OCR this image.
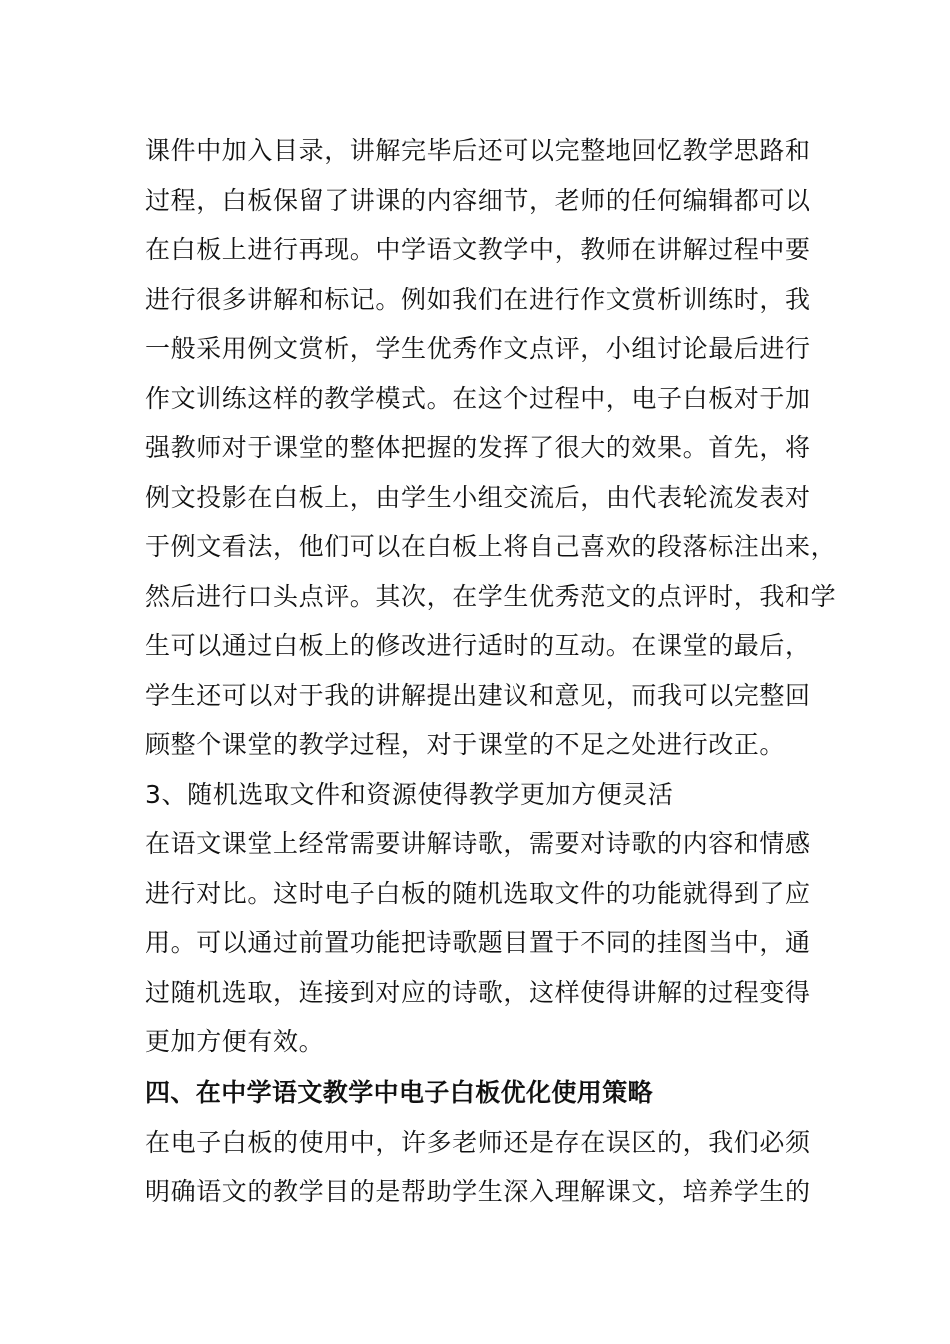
课件中加入目录，讲解完毕后还可以完整地回忆教学思路和
过程，白板保留了讲课的内容细节，老师的任何编辑都可以
在白板上进行再现。中学语文教学中，教师在讲解过程中要
进行很多讲解和标记。例如我们在进行作文赏析训练时，我
一般采用例文赏析，学生优秀作文点评，小组讨论最后进行
作文训练这样的教学模式。在这个过程中，电子白板对于加
强教师对于课堂的整体把握的发挥了很大的效果。首先，将
例文投影在白板上，由学生小组交流后，由代表轮流发表对
于例文看法，他们可以在白板上将自己喜欢的段落标注出来，
然后进行口头点评。其次，在学生优秀范文的点评时，我和学
生可以通过白板上的修改进行适时的互动。在课堂的最后，
学生还可以对于我的讲解提出建议和意见，而我可以完整回
顾整个课堂的教学过程，对于课堂的不足之处进行改正。
3、随机选取文件和资源使得教学更加方便灵活
在语文课堂上经常需要讲解诗歌，需要对诗歌的内容和情感
进行对比。这时电子白板的随机选取文件的功能就得到了应
用。可以通过前置功能把诗歌题目置于不同的挂图当中，通
过随机选取，连接到对应的诗歌，这样使得讲解的过程变得
更加方便有效。
四、在中学语文教学中电子白板优化使用策略
在电子白板的使用中，许多老师还是存在误区的，我们必须
明确语文的教学目的是帮助学生深入理解课文，培养学生的
